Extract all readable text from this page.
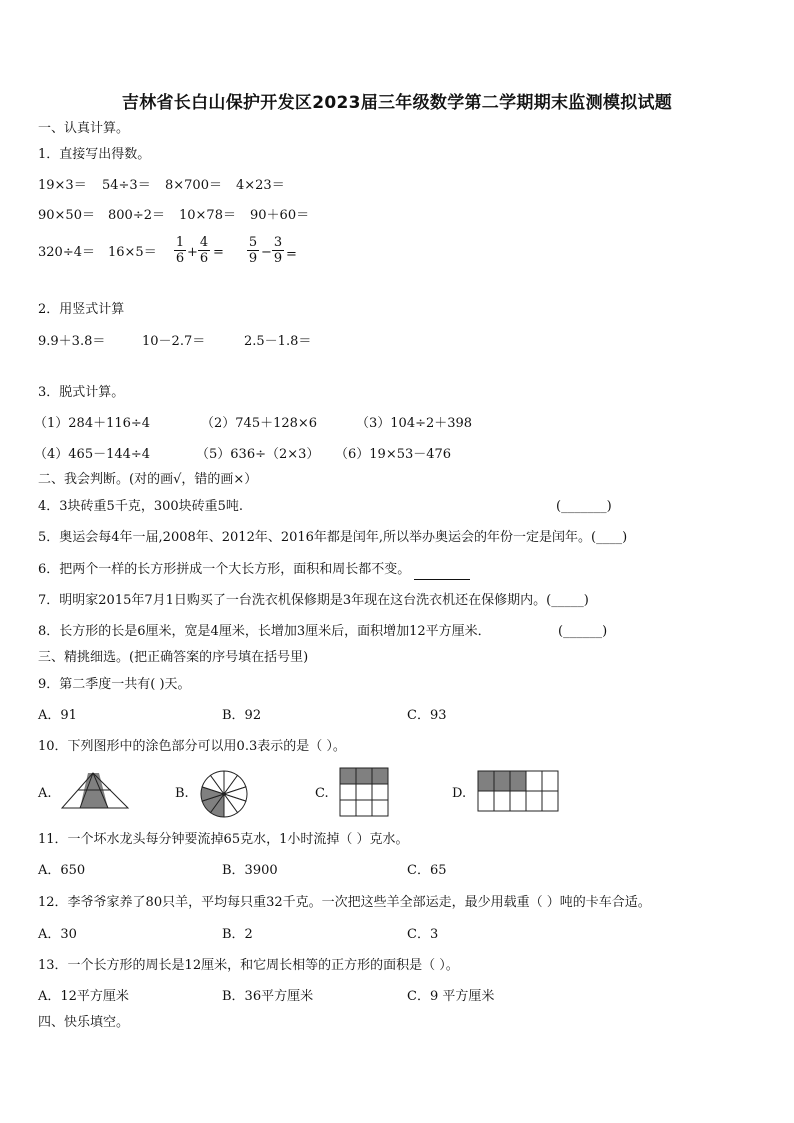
吉林省长白山保护开发区2023届三年级数学第二学期期末监测模拟试题
一、认真计算。
1．直接写出得数。
19×3＝ 54÷3＝ 8×700＝ 4×23＝
90×50＝ 800÷2＝ 10×78＝ 90＋60＝
320÷4＝ 16×5＝
1
6 +
4
6 =
5
9 −
3
9 =
2．用竖式计算
9.9＋3.8＝	10－2.7＝	2.5－1.8＝
3．脱式计算。
（1）284＋116÷4	（2）745＋128×6	（3）104÷2＋398
（4）465－144÷4	（5）636÷（2×3） （6）19×53－476
二、我会判断。(对的画√，错的画×）
4．3块砖重5千克，300块砖重5吨.	(_______)
5．奥运会每4年一届,2008年、2012年、2016年都是闰年,所以举办奥运会的年份一定是闰年。(____)
6．把两个一样的长方形拼成一个大长方形，面积和周长都不变。
7．明明家2015年7月1日购买了一台洗衣机保修期是3年现在这台洗衣机还在保修期内。(_____)
8．长方形的长是6厘米，宽是4厘米，长增加3厘米后，面积增加12平方厘米．	(______)
三、精挑细选。(把正确答案的序号填在括号里)
9．第二季度一共有( )天。
A．91	B．92	C．93
10．下列图形中的涂色部分可以用0.3表示的是（ ）。
A.	B.	C.	D.
11．一个坏水龙头每分钟要流掉65克水，1小时流掉（ ）克水。
A．650	B．3900	C．65
12．李爷爷家养了80只羊，平均每只重32千克。一次把这些羊全部运走，最少用载重（ ）吨的卡车合适。
A．30	B．2	C．3
13．一个长方形的周长是12厘米，和它周长相等的正方形的面积是（ ）。
A．12平方厘米	B．36平方厘米	C．9 平方厘米
四、快乐填空。
